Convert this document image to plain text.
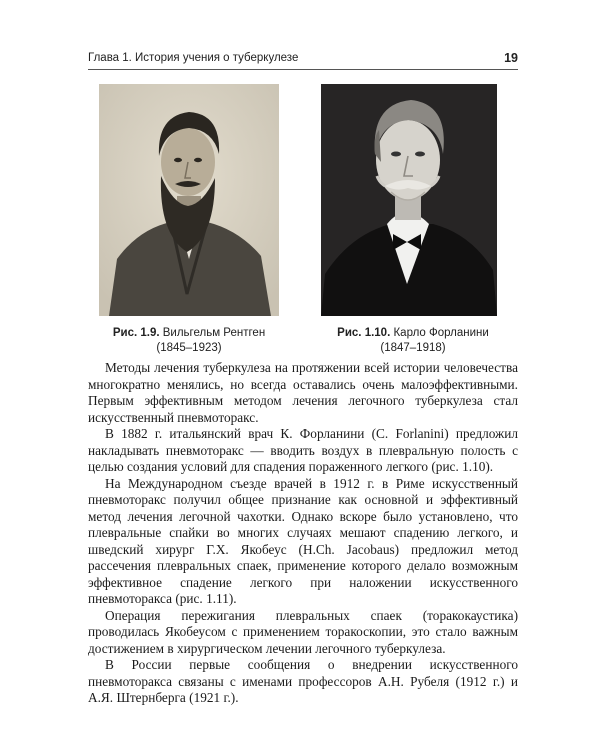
Глава 1. История учения о туберкулезе	19
Рис. 1.9. Вильгельм Рентген
(1845–1923)
Рис. 1.10. Карло Форланини
(1847–1918)

Методы лечения туберкулеза на протяжении всей истории человечества многократно менялись, но всегда оставались очень малоэффективными. Первым эффективным методом лечения легочного туберкулеза стал искусственный пневмоторакс.

В 1882 г. итальянский врач К. Форланини (C. Forlanini) предложил накладывать пневмоторакс — вводить воздух в плевральную полость с целью создания условий для спадения пораженного легкого (рис. 1.10).

На Международном съезде врачей в 1912 г. в Риме искусственный пневмоторакс получил общее признание как основной и эффективный метод лечения легочной чахотки. Однако вскоре было установлено, что плевральные спайки во многих случаях мешают спадению легкого, и шведский хирург Г.Х. Якобеус (H.Ch. Jacobaus) предложил метод рассечения плевральных спаек, применение которого делало возможным эффективное спадение легкого при наложении искусственного пневмоторакса (рис. 1.11).

Операция пережигания плевральных спаек (торакокаустика) проводилась Якобеусом с применением торакоскопии, это стало важным достижением в хирургическом лечении легочного туберкулеза.

В России первые сообщения о внедрении искусственного пневмоторакса связаны с именами профессоров А.Н. Рубеля (1912 г.) и А.Я. Штернберга (1921 г.).
